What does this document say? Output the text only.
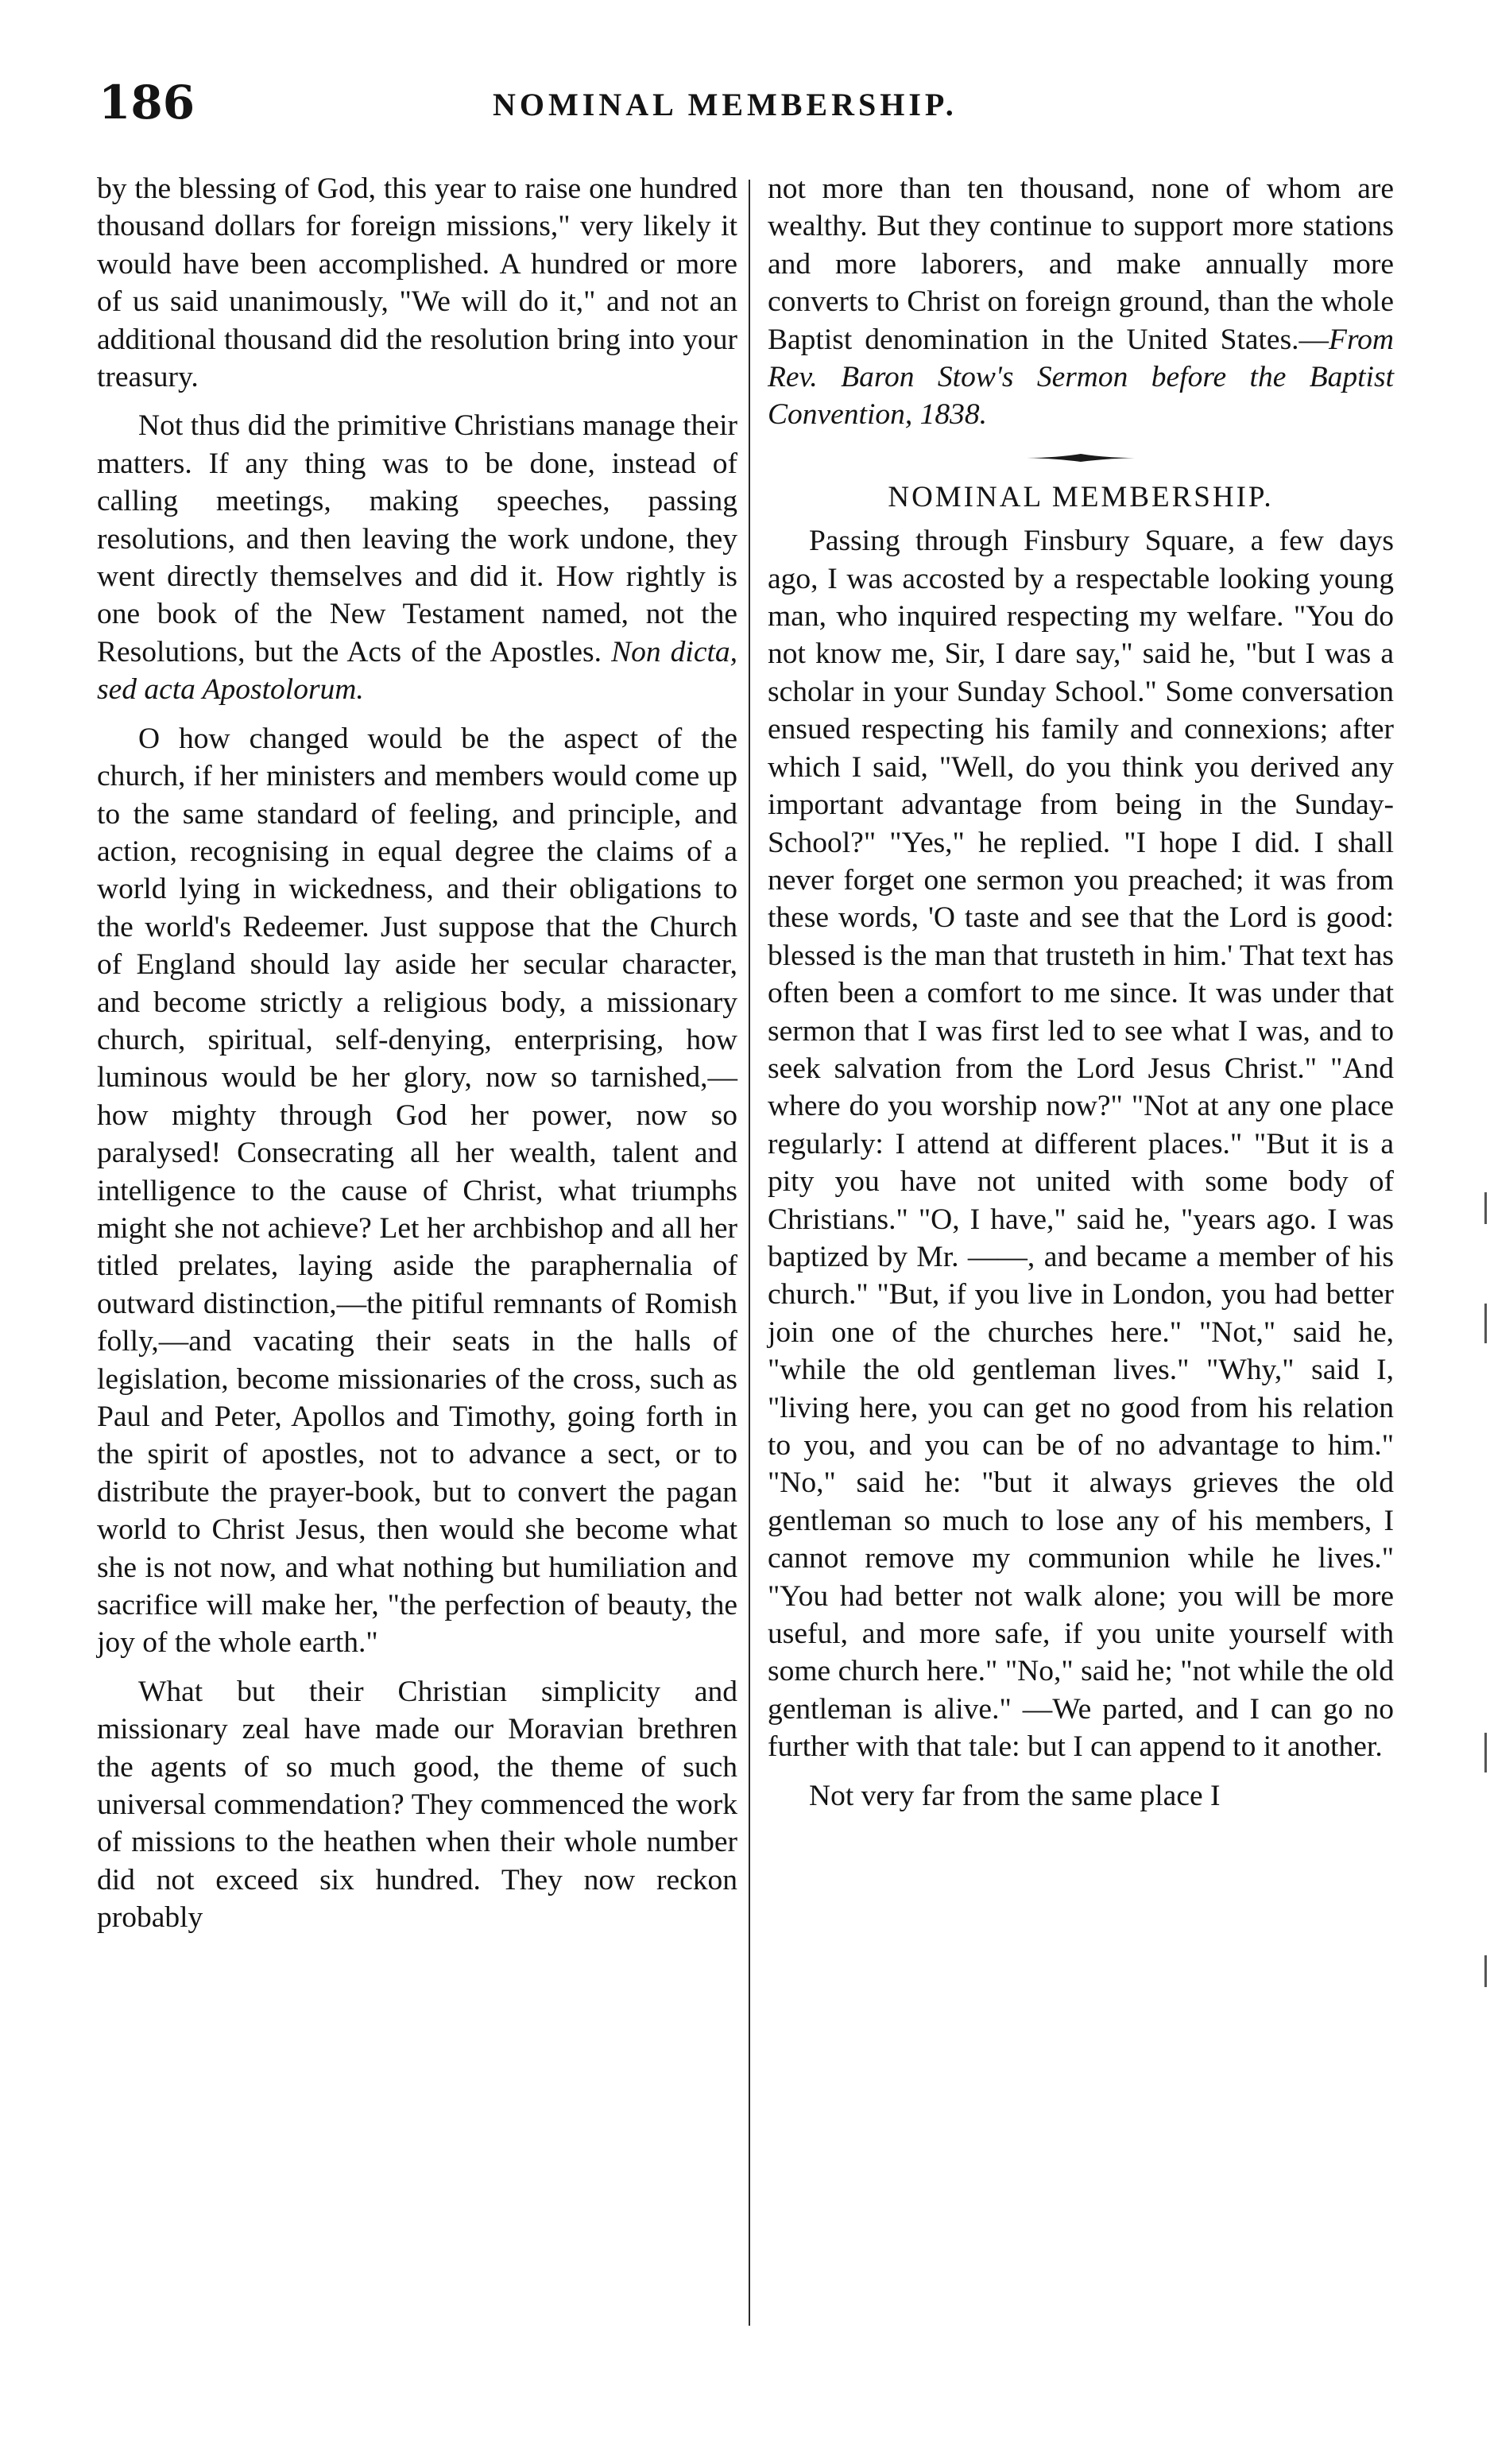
186	NOMINAL MEMBERSHIP.

by the blessing of God, this year to raise one hundred thousand dollars for foreign missions," very likely it would have been accomplished. A hundred or more of us said unanimously, "We will do it," and not an additional thousand did the resolution bring into your treasury.

Not thus did the primitive Christians manage their matters. If any thing was to be done, instead of calling meetings, making speeches, passing resolutions, and then leaving the work undone, they went directly themselves and did it. How rightly is one book of the New Testament named, not the Resolutions, but the Acts of the Apostles. Non dicta, sed acta Apostolorum.

O how changed would be the aspect of the church, if her ministers and members would come up to the same standard of feeling, and principle, and action, recognising in equal degree the claims of a world lying in wickedness, and their obligations to the world's Redeemer. Just suppose that the Church of England should lay aside her secular character, and become strictly a religious body, a missionary church, spiritual, self-denying, enterprising, how luminous would be her glory, now so tarnished,—how mighty through God her power, now so paralysed! Consecrating all her wealth, talent and intelligence to the cause of Christ, what triumphs might she not achieve? Let her archbishop and all her titled prelates, laying aside the paraphernalia of outward distinction,—the pitiful remnants of Romish folly,—and vacating their seats in the halls of legislation, become missionaries of the cross, such as Paul and Peter, Apollos and Timothy, going forth in the spirit of apostles, not to advance a sect, or to distribute the prayer-book, but to convert the pagan world to Christ Jesus, then would she become what she is not now, and what nothing but humiliation and sacrifice will make her, "the perfection of beauty, the joy of the whole earth."

What but their Christian simplicity and missionary zeal have made our Moravian brethren the agents of so much good, the theme of such universal commendation? They commenced the work of missions to the heathen when their whole number did not exceed six hundred. They now reckon probably

not more than ten thousand, none of whom are wealthy. But they continue to support more stations and more laborers, and make annually more converts to Christ on foreign ground, than the whole Baptist denomination in the United States.—From Rev. Baron Stow's Sermon before the Baptist Convention, 1838.

NOMINAL MEMBERSHIP.

Passing through Finsbury Square, a few days ago, I was accosted by a respectable looking young man, who inquired respecting my welfare. "You do not know me, Sir, I dare say," said he, "but I was a scholar in your Sunday School." Some conversation ensued respecting his family and connexions; after which I said, "Well, do you think you derived any important advantage from being in the Sunday-School?" "Yes," he replied. "I hope I did. I shall never forget one sermon you preached; it was from these words, 'O taste and see that the Lord is good: blessed is the man that trusteth in him.' That text has often been a comfort to me since. It was under that sermon that I was first led to see what I was, and to seek salvation from the Lord Jesus Christ." "And where do you worship now?" "Not at any one place regularly: I attend at different places." "But it is a pity you have not united with some body of Christians." "O, I have," said he, "years ago. I was baptized by Mr. ——, and became a member of his church." "But, if you live in London, you had better join one of the churches here." "Not," said he, "while the old gentleman lives." "Why," said I, "living here, you can get no good from his relation to you, and you can be of no advantage to him." "No," said he: "but it always grieves the old gentleman so much to lose any of his members, I cannot remove my communion while he lives." "You had better not walk alone; you will be more useful, and more safe, if you unite yourself with some church here." "No," said he; "not while the old gentleman is alive." —We parted, and I can go no further with that tale: but I can append to it another.

Not very far from the same place I
